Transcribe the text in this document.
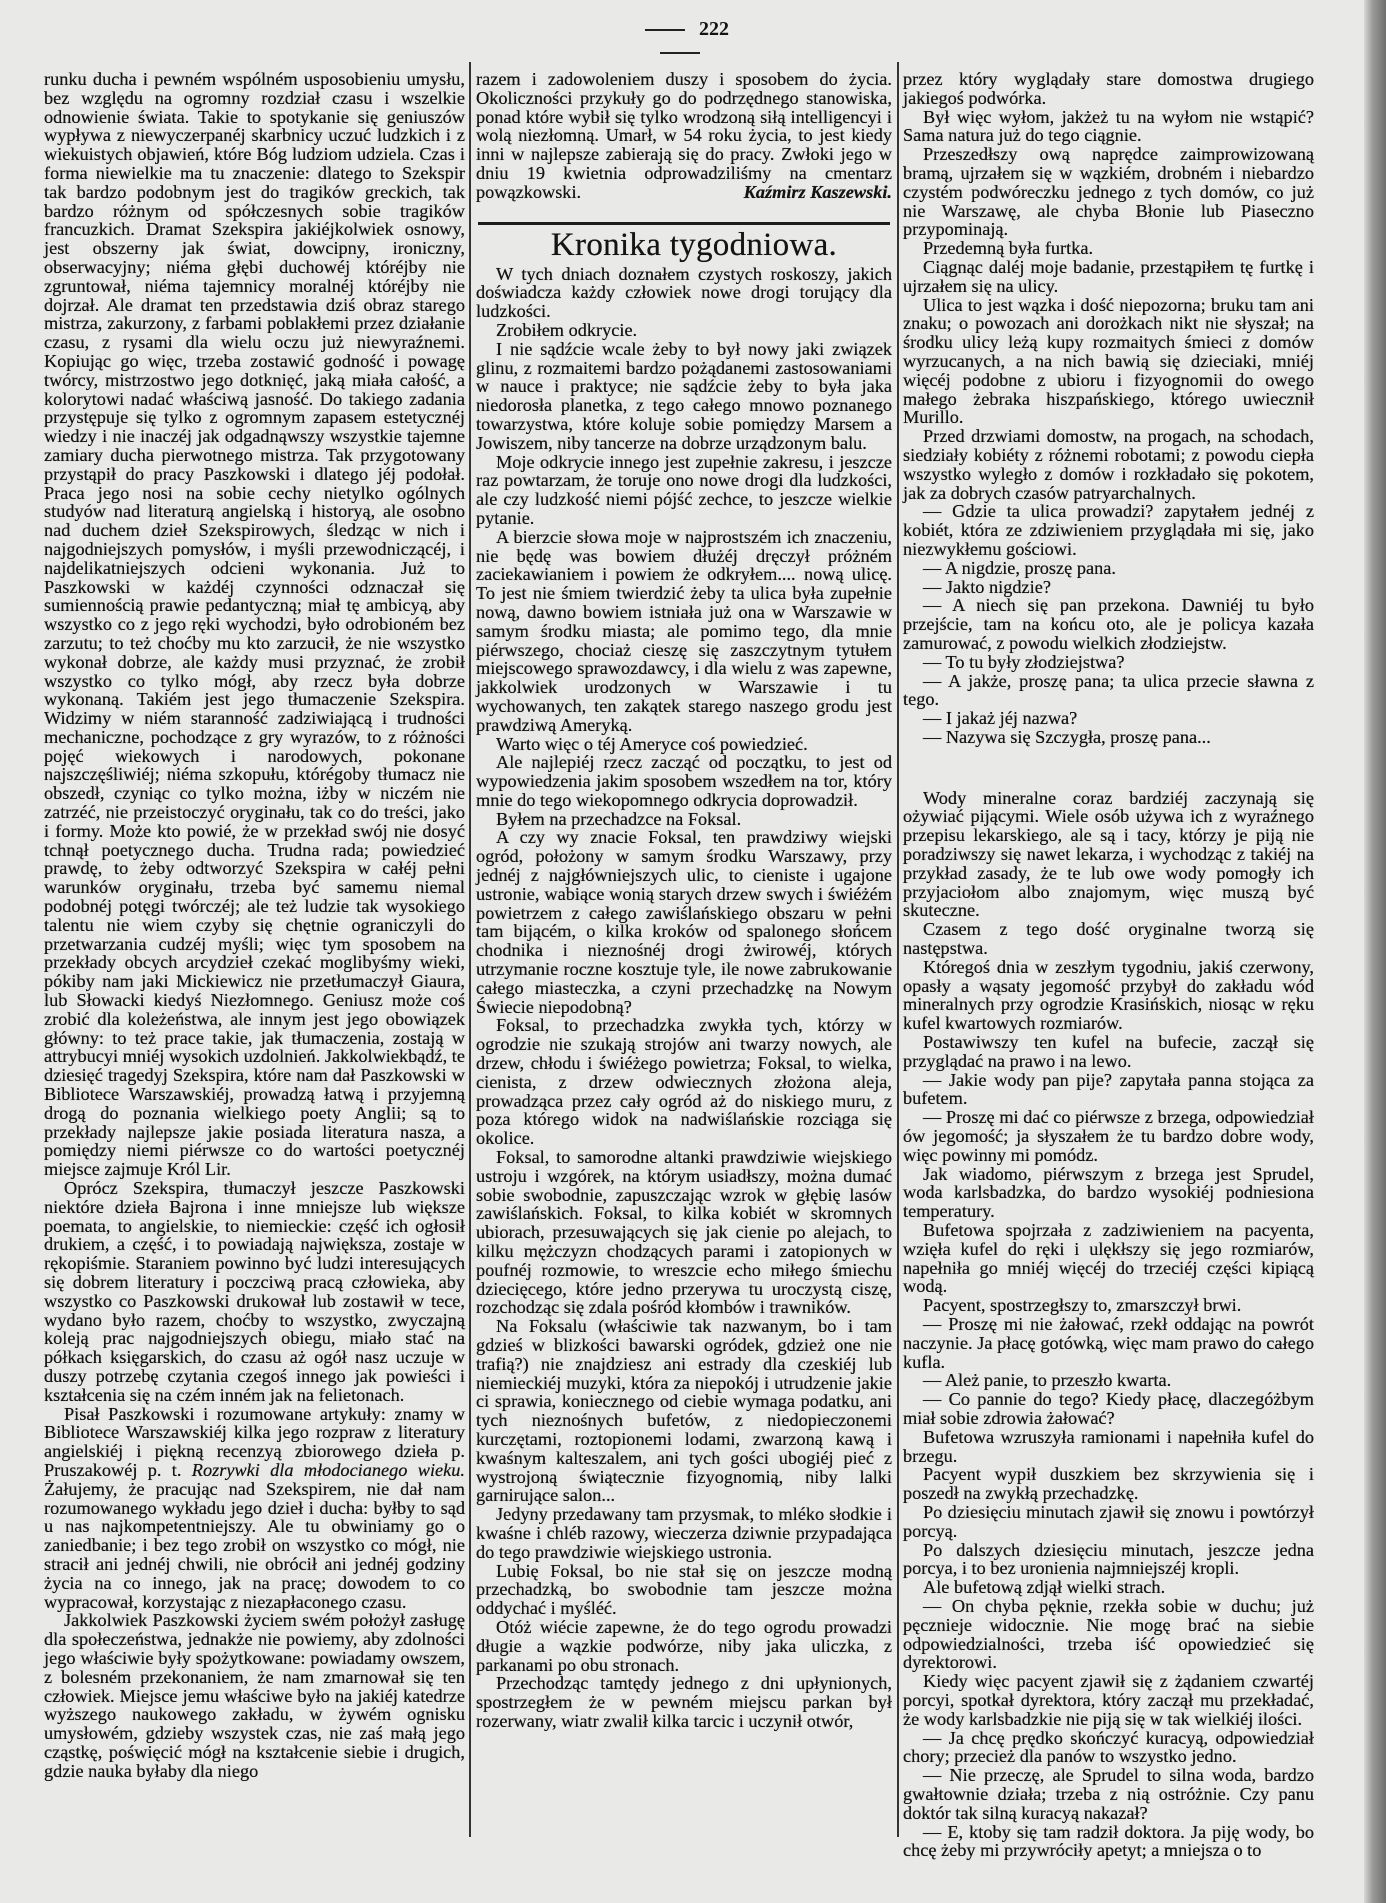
222

runku ducha i pewném wspólném usposobieniu umysłu, bez względu na ogromny rozdział czasu i wszelkie odnowienie świata. Takie to spotykanie się geniuszów wypływa z niewyczerpanéj skarbnicy uczuć ludzkich i z wiekuistych objawień, które Bóg ludziom udziela. Czas i forma niewielkie ma tu znaczenie: dlatego to Szekspir tak bardzo podobnym jest do tragików greckich, tak bardzo różnym od spółczesnych sobie tragików francuzkich. Dramat Szekspira jakiéjkolwiek osnowy, jest obszerny jak świat, dowcipny, ironiczny, obserwacyjny; niéma głębi duchowéj któréjby nie zgruntował, niéma tajemnicy moralnéj któréjby nie dojrzał. Ale dramat ten przedstawia dziś obraz starego mistrza, zakurzony, z farbami poblakłemi przez działanie czasu, z rysami dla wielu oczu już niewyraźnemi. Kopiując go więc, trzeba zostawić godność i powagę twórcy, mistrzostwo jego dotknięć, jaką miała całość, a kolorytowi nadać właściwą jasność. Do takiego zadania przystępuje się tylko z ogromnym zapasem estetycznéj wiedzy i nie inaczéj jak odgadnąwszy wszystkie tajemne zamiary ducha pierwotnego mistrza. Tak przygotowany przystąpił do pracy Paszkowski i dlatego jéj podołał. Praca jego nosi na sobie cechy nietylko ogólnych studyów nad literaturą angielską i historyą, ale osobno nad duchem dzieł Szekspirowych, śledząc w nich i najgodniejszych pomysłów, i myśli przewodniczącéj, i najdelikatniejszych odcieni wykonania. Już to Paszkowski w każdéj czynności odznaczał się sumiennością prawie pedantyczną; miał tę ambicyą, aby wszystko co z jego ręki wychodzi, było odrobioném bez zarzutu; to też choćby mu kto zarzucił, że nie wszystko wykonał dobrze, ale każdy musi przyznać, że zrobił wszystko co tylko mógł, aby rzecz była dobrze wykonaną. Takiém jest jego tłumaczenie Szekspira. Widzimy w niém staranność zadziwiającą i trudności mechaniczne, pochodzące z gry wyrazów, to z różności pojęć wiekowych i narodowych, pokonane najszczęśliwiéj; niéma szkopułu, którégoby tłumacz nie obszedł, czyniąc co tylko można, iżby w niczém nie zatrzéć, nie przeistoczyć oryginału, tak co do treści, jako i formy. Może kto powié, że w przekład swój nie dosyć tchnął poetycznego ducha. Trudna rada; powiedzieć prawdę, to żeby odtworzyć Szekspira w całéj pełni warunków oryginału, trzeba być samemu niemal podobnéj potęgi twórczéj; ale też ludzie tak wysokiego talentu nie wiem czyby się chętnie ograniczyli do przetwarzania cudzéj myśli; więc tym sposobem na przekłady obcych arcydzieł czekać moglibyśmy wieki, pókiby nam jaki Mickiewicz nie przetłumaczył Giaura, lub Słowacki kiedyś Niezłomnego. Geniusz może coś zrobić dla koleżeństwa, ale innym jest jego obowiązek główny: to też prace takie, jak tłumaczenia, zostają w attrybucyi mniéj wysokich uzdolnień. Jakkolwiekbądź, te dziesięć tragedyj Szekspira, które nam dał Paszkowski w Bibliotece Warszawskiéj, prowadzą łatwą i przyjemną drogą do poznania wielkiego poety Anglii; są to przekłady najlepsze jakie posiada literatura nasza, a pomiędzy niemi piérwsze co do wartości poetycznéj miejsce zajmuje Król Lir.

Oprócz Szekspira, tłumaczył jeszcze Paszkowski niektóre dzieła Bajrona i inne mniejsze lub większe poemata, to angielskie, to niemieckie: część ich ogłosił drukiem, a część, i to powiadają największa, zostaje w rękopiśmie. Staraniem powinno być ludzi interesujących się dobrem literatury i poczciwą pracą człowieka, aby wszystko co Paszkowski drukował lub zostawił w tece, wydano było razem, choćby to wszystko, zwyczajną koleją prac najgodniejszych obiegu, miało stać na półkach księgarskich, do czasu aż ogół nasz uczuje w duszy potrzebę czytania czegoś innego jak powieści i kształcenia się na czém inném jak na felietonach.

Pisał Paszkowski i rozumowane artykuły: znamy w Bibliotece Warszawskiéj kilka jego rozpraw z literatury angielskiéj i piękną recenzyą zbiorowego dzieła p. Pruszakowéj p. t. Rozrywki dla młodocianego wieku. Żałujemy, że pracując nad Szekspirem, nie dał nam rozumowanego wykładu jego dzieł i ducha: byłby to sąd u nas najkompetentniejszy. Ale tu obwiniamy go o zaniedbanie; i bez tego zrobił on wszystko co mógł, nie stracił ani jednéj chwili, nie obrócił ani jednéj godziny życia na co innego, jak na pracę; dowodem to co wypracował, korzystając z niezapłaconego czasu.

Jakkolwiek Paszkowski życiem swém położył zasługę dla społeczeństwa, jednakże nie powiemy, aby zdolności jego właściwie były spożytkowane: powiadamy owszem, z bolesném przekonaniem, że nam zmarnował się ten człowiek. Miejsce jemu właściwe było na jakiéj katedrze wyższego naukowego zakładu, w żywém ognisku umysłowém, gdzieby wszystek czas, nie zaś małą jego cząstkę, poświęcić mógł na kształcenie siebie i drugich, gdzie nauka byłaby dla niego

razem i zadowoleniem duszy i sposobem do życia. Okoliczności przykuły go do podrzędnego stanowiska, ponad które wybił się tylko wrodzoną siłą intelligencyi i wolą niezłomną. Umarł, w 54 roku życia, to jest kiedy inni w najlepsze zabierają się do pracy. Zwłoki jego w dniu 19 kwietnia odprowadziliśmy na cmentarz powązkowski.	Kaźmirz Kaszewski.

Kronika tygodniowa.

W tych dniach doznałem czystych roskoszy, jakich doświadcza każdy człowiek nowe drogi torujący dla ludzkości.

Zrobiłem odkrycie.

I nie sądźcie wcale żeby to był nowy jaki związek glinu, z rozmaitemi bardzo pożądanemi zastosowaniami w nauce i praktyce; nie sądźcie żeby to była jaka niedorosła planetka, z tego całego mnowo poznanego towarzystwa, które koluje sobie pomiędzy Marsem a Jowiszem, niby tancerze na dobrze urządzonym balu.

Moje odkrycie innego jest zupełnie zakresu, i jeszcze raz powtarzam, że toruje ono nowe drogi dla ludzkości, ale czy ludzkość niemi pójść zechce, to jeszcze wielkie pytanie.

A bierzcie słowa moje w najprostszém ich znaczeniu, nie będę was bowiem dłużéj dręczył próżném zaciekawianiem i powiem że odkryłem.... nową ulicę. To jest nie śmiem twierdzić żeby ta ulica była zupełnie nową, dawno bowiem istniała już ona w Warszawie w samym środku miasta; ale pomimo tego, dla mnie piérwszego, chociaż cieszę się zaszczytnym tytułem miejscowego sprawozdawcy, i dla wielu z was zapewne, jakkolwiek urodzonych w Warszawie i tu wychowanych, ten zakątek starego naszego grodu jest prawdziwą Ameryką.

Warto więc o téj Ameryce coś powiedzieć.

Ale najlepiéj rzecz zacząć od początku, to jest od wypowiedzenia jakim sposobem wszedłem na tor, który mnie do tego wiekopomnego odkrycia doprowadził.

Byłem na przechadzce na Foksal.

A czy wy znacie Foksal, ten prawdziwy wiejski ogród, położony w samym środku Warszawy, przy jednéj z najgłówniejszych ulic, to cieniste i ugajone ustronie, wabiące wonią starych drzew swych i świéżém powietrzem z całego zawiślańskiego obszaru w pełni tam bijącém, o kilka kroków od spalonego słońcem chodnika i nieznośnéj drogi żwirowéj, których utrzymanie roczne kosztuje tyle, ile nowe zabrukowanie całego miasteczka, a czyni przechadzkę na Nowym Świecie niepodobną?

Foksal, to przechadzka zwykła tych, którzy w ogrodzie nie szukają strojów ani twarzy nowych, ale drzew, chłodu i świéżego powietrza; Foksal, to wielka, cienista, z drzew odwiecznych złożona aleja, prowadząca przez cały ogród aż do niskiego muru, z poza którego widok na nadwiślańskie rozciąga się okolice.

Foksal, to samorodne altanki prawdziwie wiejskiego ustroju i wzgórek, na którym usiadłszy, można dumać sobie swobodnie, zapuszczając wzrok w głębię lasów zawiślańskich. Foksal, to kilka kobiét w skromnych ubiorach, przesuwających się jak cienie po alejach, to kilku mężczyzn chodzących parami i zatopionych w poufnéj rozmowie, to wreszcie echo miłego śmiechu dziecięcego, które jedno przerywa tu uroczystą ciszę, rozchodząc się zdala pośród kłombów i trawników.

Na Foksalu (właściwie tak nazwanym, bo i tam gdzieś w blizkości bawarski ogródek, gdzież one nie trafią?) nie znajdziesz ani estrady dla czeskiéj lub niemieckiéj muzyki, która za niepokój i utrudzenie jakie ci sprawia, koniecznego od ciebie wymaga podatku, ani tych nieznośnych bufetów, z niedopieczonemi kurczętami, roztopionemi lodami, zwarzoną kawą i kwaśnym kalteszalem, ani tych gości ubogiéj pieć z wystrojoną świątecznie fizyognomią, niby lalki garnirujące salon...

Jedyny przedawany tam przysmak, to mléko słodkie i kwaśne i chléb razowy, wieczerza dziwnie przypadająca do tego prawdziwie wiejskiego ustronia.

Lubię Foksal, bo nie stał się on jeszcze modną przechadzką, bo swobodnie tam jeszcze można oddychać i myśléć.

Otóż wiécie zapewne, że do tego ogrodu prowadzi długie a wązkie podwórze, niby jaka uliczka, z parkanami po obu stronach.

Przechodząc tamtędy jednego z dni upłynionych, spostrzegłem że w pewném miejscu parkan był rozerwany, wiatr zwalił kilka tarcic i uczynił otwór,

przez który wyglądały stare domostwa drugiego jakiegoś podwórka.

Był więc wyłom, jakżeż tu na wyłom nie wstąpić? Sama natura już do tego ciągnie.

Przeszedłszy ową naprędce zaimprowizowaną bramą, ujrzałem się w wązkiém, drobném i niebardzo czystém podwóreczku jednego z tych domów, co już nie Warszawę, ale chyba Błonie lub Piaseczno przypominają.

Przedemną była furtka.

Ciągnąc daléj moje badanie, przestąpiłem tę furtkę i ujrzałem się na ulicy.

Ulica to jest wązka i dość niepozorna; bruku tam ani znaku; o powozach ani dorożkach nikt nie słyszał; na środku ulicy leżą kupy rozmaitych śmieci z domów wyrzucanych, a na nich bawią się dzieciaki, mniéj więcéj podobne z ubioru i fizyognomii do owego małego żebraka hiszpańskiego, którego uwiecznił Murillo.

Przed drzwiami domostw, na progach, na schodach, siedziały kobiéty z różnemi robotami; z powodu ciepła wszystko wyległo z domów i rozkładało się pokotem, jak za dobrych czasów patryarchalnych.

— Gdzie ta ulica prowadzi? zapytałem jednéj z kobiét, która ze zdziwieniem przyglądała mi się, jako niezwykłemu gościowi.

— A nigdzie, proszę pana.

— Jakto nigdzie?

— A niech się pan przekona. Dawniéj tu było przejście, tam na końcu oto, ale je policya kazała zamurować, z powodu wielkich złodziejstw.

— To tu były złodziejstwa?

— A jakże, proszę pana; ta ulica przecie sławna z tego.

— I jakaż jéj nazwa?

— Nazywa się Szczygła, proszę pana...

Wody mineralne coraz bardziéj zaczynają się ożywiać pijącymi. Wiele osób używa ich z wyraźnego przepisu lekarskiego, ale są i tacy, którzy je piją nie poradziwszy się nawet lekarza, i wychodząc z takiéj na przykład zasady, że te lub owe wody pomogły ich przyjaciołom albo znajomym, więc muszą być skuteczne.

Czasem z tego dość oryginalne tworzą się następstwa.

Któregoś dnia w zeszłym tygodniu, jakiś czerwony, opasły a wąsaty jegomość przybył do zakładu wód mineralnych przy ogrodzie Krasińskich, niosąc w ręku kufel kwartowych rozmiarów.

Postawiwszy ten kufel na bufecie, zaczął się przyglądać na prawo i na lewo.

— Jakie wody pan pije? zapytała panna stojąca za bufetem.

— Proszę mi dać co piérwsze z brzega, odpowiedział ów jegomość; ja słyszałem że tu bardzo dobre wody, więc powinny mi pomódz.

Jak wiadomo, piérwszym z brzega jest Sprudel, woda karlsbadzka, do bardzo wysokiéj podniesiona temperatury.

Bufetowa spojrzała z zadziwieniem na pacyenta, wzięła kufel do ręki i ulękłszy się jego rozmiarów, napełniła go mniéj więcéj do trzeciéj części kipiącą wodą.

Pacyent, spostrzegłszy to, zmarszczył brwi.

— Proszę mi nie żałować, rzekł oddając na powrót naczynie. Ja płacę gotówką, więc mam prawo do całego kufla.

— Ależ panie, to przeszło kwarta.

— Co pannie do tego? Kiedy płacę, dlaczegóżbym miał sobie zdrowia żałować?

Bufetowa wzruszyła ramionami i napełniła kufel do brzegu.

Pacyent wypił duszkiem bez skrzywienia się i poszedł na zwykłą przechadzkę.

Po dziesięciu minutach zjawił się znowu i powtórzył porcyą.

Po dalszych dziesięciu minutach, jeszcze jedna porcya, i to bez uronienia najmniejszéj kropli.

Ale bufetową zdjął wielki strach.

— On chyba pęknie, rzekła sobie w duchu; już pęcznieje widocznie. Nie mogę brać na siebie odpowiedzialności, trzeba iść opowiedzieć się dyrektorowi.

Kiedy więc pacyent zjawił się z żądaniem czwartéj porcyi, spotkał dyrektora, który zaczął mu przekładać, że wody karlsbadzkie nie piją się w tak wielkiéj ilości.

— Ja chcę prędko skończyć kuracyą, odpowiedział chory; przecież dla panów to wszystko jedno.

— Nie przeczę, ale Sprudel to silna woda, bardzo gwałtownie działa; trzeba z nią ostróżnie. Czy panu doktór tak silną kuracyą nakazał?

— E, ktoby się tam radził doktora. Ja piję wody, bo chcę żeby mi przywróciły apetyt; a mniejsza o to
